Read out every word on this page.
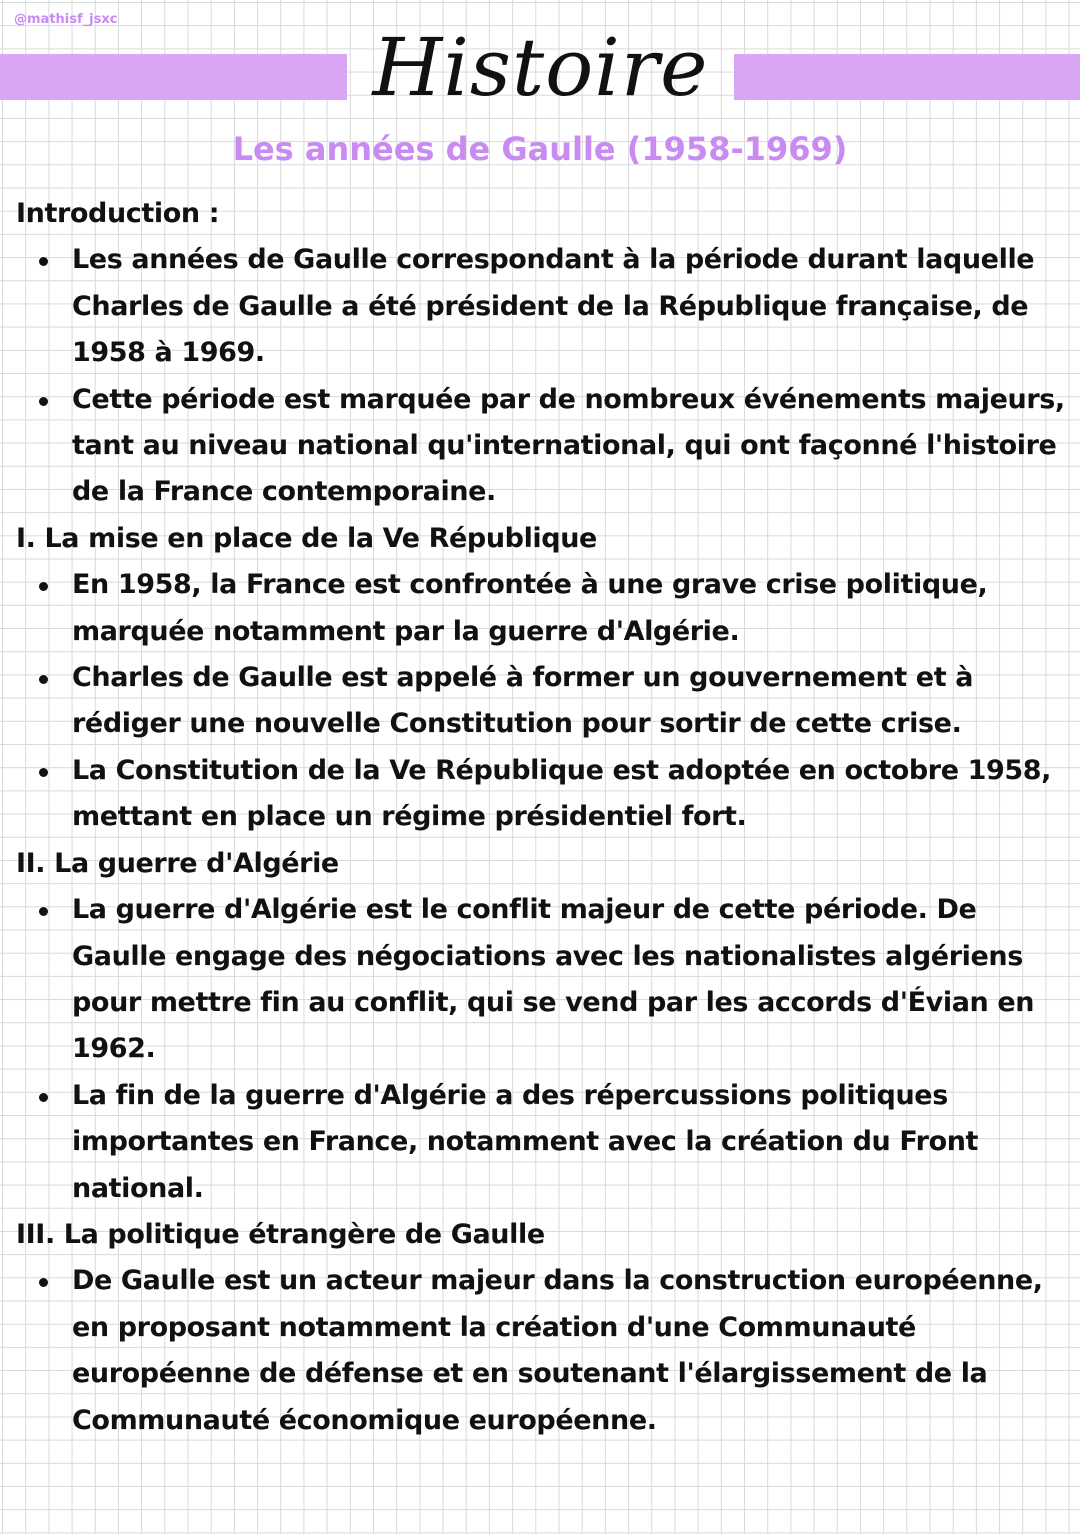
@mathisf_jsxc
Histoire
Les années de Gaulle (1958-1969)

Introduction :

Les années de Gaulle correspondant à la période durant laquelle Charles de Gaulle a été président de la République française, de 1958 à 1969.
Cette période est marquée par de nombreux événements majeurs, tant au niveau national qu'international, qui ont façonné l'histoire de la France contemporaine.

I. La mise en place de la Ve République

En 1958, la France est confrontée à une grave crise politique, marquée notamment par la guerre d'Algérie.
Charles de Gaulle est appelé à former un gouvernement et à rédiger une nouvelle Constitution pour sortir de cette crise.
La Constitution de la Ve République est adoptée en octobre 1958, mettant en place un régime présidentiel fort.

II. La guerre d'Algérie

La guerre d'Algérie est le conflit majeur de cette période. De Gaulle engage des négociations avec les nationalistes algériens pour mettre fin au conflit, qui se vend par les accords d'Évian en 1962.
La fin de la guerre d'Algérie a des répercussions politiques importantes en France, notamment avec la création du Front national.

III. La politique étrangère de Gaulle

De Gaulle est un acteur majeur dans la construction européenne, en proposant notamment la création d'une Communauté européenne de défense et en soutenant l'élargissement de la Communauté économique européenne.
